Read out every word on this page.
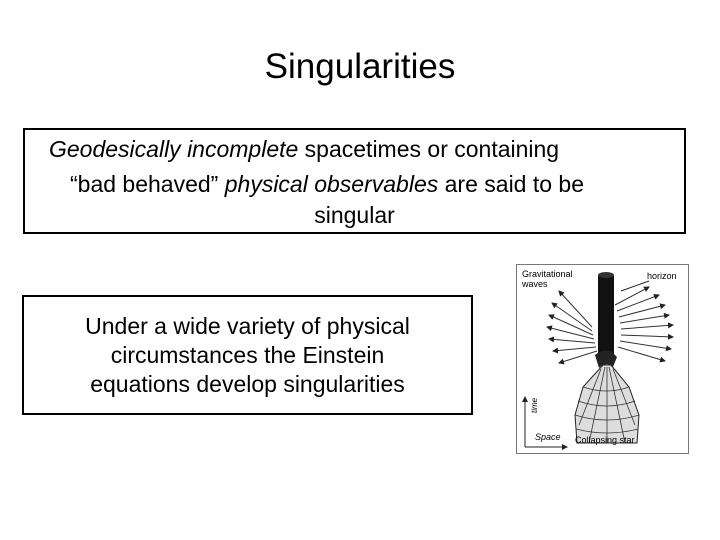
Singularities
Geodesically incomplete spacetimes or containing
“bad behaved” physical observables are said to be
singular
Under a wide variety of physical
circumstances the Einstein
equations develop singularities
Gravitational
waves
horizon
time
Space Collapsing star
